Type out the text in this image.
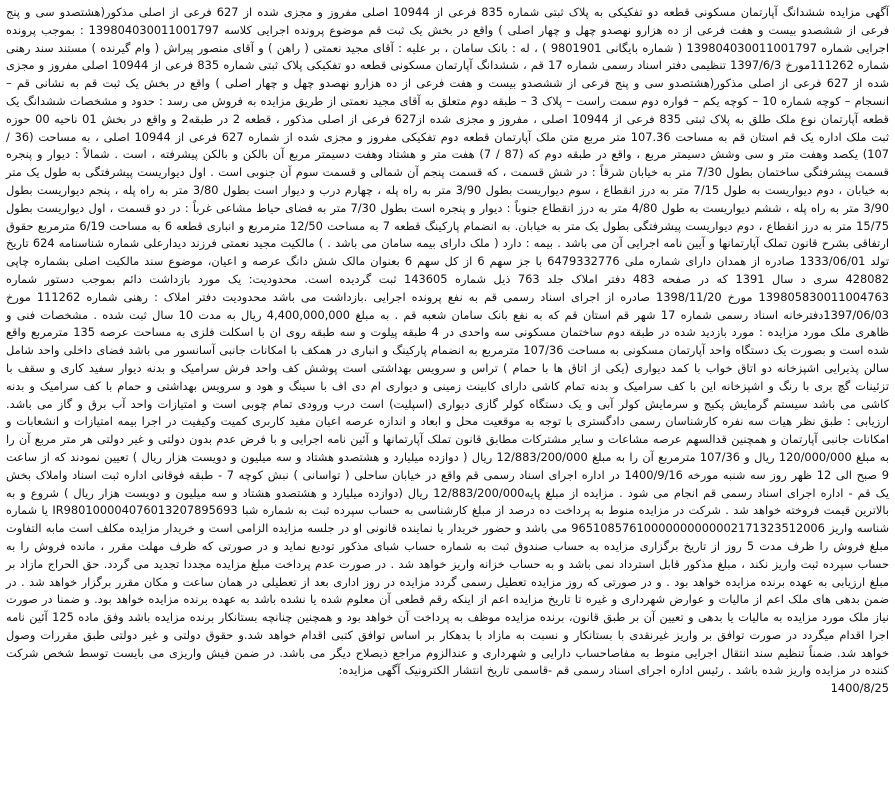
آگهی مزایده ششدانگ آپارتمان مسکونی قطعه دو تفکیکی به پلاک ثبتی شماره 835 فرعی از 10944 اصلی مفروز و مجزی شده از 627 فرعی از اصلی مذکور(هشتصدو سی و پنج فرعی از ششصدو بیست و هفت فرعی از ده هزارو نهصدو چهل و چهار اصلی ) واقع در بخش یک ثبت قم موضوع پرونده اجرایی کلاسه 139804030011001797 : بموجب پرونده اجرایی شماره 139804030011001797 ( شماره بایگانی 9801901 ) ، له : بانک سامان ، بر علیه : آقای مجید نعمتی ( راهن ) و آقای منصور پیراش ( وام گیرنده ) مستند سند رهنی شماره 111262مورخ 1397/6/3 تنظیمی دفتر اسناد رسمی شماره 17 قم ، ششدانگ آپارتمان مسکونی قطعه دو تفکیکی پلاک ثبتی شماره 835 فرعی از 10944 اصلی مفروز و مجزی شده از 627 فرعی از اصلی مذکور(هشتصدو سی و پنج فرعی از ششصدو بیست و هفت فرعی از ده هزارو نهصدو چهل و چهار اصلی ) واقع در بخش یک ثبت قم به نشانی قم – انسجام – کوچه شماره 10 – کوچه یکم – فواره دوم سمت راست – پلاک 3 – طبقه دوم متعلق به آقای مجید نعمتی از طریق مزایده به فروش می رسد : حدود و مشخصات ششدانگ یک قطعه آپارتمان نوع ملک طلق به پلاک ثبتی 835 فرعی از 10944 اصلی ، مفروز و مجزی شده از627 فرعی از اصلی مذکور ، قطعه 2 در طبقه2 و واقع در بخش 01 ناحیه 00 حوزه ثبت ملک اداره یک قم استان قم به مساحت 107.36 متر مربع متن ملک آپارتمان قطعه دوم تفکیکی مفروز و مجزی شده از شماره 627 فرعی از 10944 اصلی ، به مساحت (36 / 107) یکصد وهفت متر و سی وشش دسیمتر مربع ، واقع در طبقه دوم که (87 / 7) هفت متر و هشتاد وهفت دسیمتر مربع آن بالکن و بالکن پیشرفته ، است . شمالاً : دیوار و پنجره قسمت پیشرفتگی ساختمان بطول 7/30 متر به خیابان شرقاً : در شش قسمت ، که قسمت پنجم آن شمالی و قسمت سوم آن جنوبی است . اول دیواریست پیشرفتگی به طول یک متر به خیابان ، دوم دیواریست به طول 7/15 متر به درز انقطاع ، سوم دیواریست بطول 3/90 متر به راه پله ، چهارم درب و دیوار است بطول 3/80 متر به راه پله ، پنجم دیواریست بطول 3/90 متر به راه پله ، ششم دیواریست به طول 4/80 متر به درز انقطاع جنوباً : دیوار و پنجره است بطول 7/30 متر به فضای حیاط مشاعی غرباً : در دو قسمت ، اول دیواریست بطول 15/75 متر به درز انقطاع ، دوم دیواریست پیشرفتگی بطول یک متر به خیابان. به انضمام پارکینگ قطعه 7 به مساحت 12/50 مترمربع و انباری قطعه 6 به مساحت 6/19 مترمربع حقوق ارتفاقی بشرح قانون تملک آپارتمانها و آیین نامه اجرایی آن می باشد . بیمه : دارد ( ملک دارای بیمه سامان می باشد . ) مالکیت مجید نعمتی فرزند دیدارعلی شماره شناسنامه 624 تاریخ تولد 1333/06/01 صادره از همدان دارای شماره ملی 6479332776 با جز سهم 6 از کل سهم 6 بعنوان مالک شش دانگ عرصه و اعیان، موضوع سند مالکیت اصلی بشماره چاپی 428082 سری د سال 1391 که در صفحه 483 دفتر املاک جلد 763 ذیل شماره 143605 ثبت گردیده است. محدودیت: یک مورد بازداشت دائم بموجب دستور شماره 139805830011004763 مورخ 1398/11/20 صادره از اجرای اسناد رسمی قم به نفع پرونده اجرایی .بازداشت می باشد محدودیت دفتر املاک : رهنی شماره 111262 مورخ 1397/06/03دفترخانه اسناد رسمی شماره 17 شهر قم استان قم که به نفع بانک سامان شعبه قم . به مبلغ 4,400,000,000 ریال به مدت 10 سال ثبت شده . مشخصات فنی و ظاهری ملک مورد مزایده : مورد بازدید شده در طبقه دوم ساختمان مسکونی سه واحدی در 4 طبقه پیلوت و سه طبقه روی ان با اسکلت فلزی به مساحت عرصه 135 مترمربع واقع شده است و بصورت یک دستگاه واحد آپارتمان مسکونی به مساحت 107/36 مترمربع به انضمام پارکینگ و انباری در همکف با امکانات جانبی آسانسور می باشد فضای داخلی واحد شامل سالن پذیرایی اشپزخانه دو اتاق خواب با کمد دیواری (یکی از اتاق ها با حمام ) تراس و سرویس بهداشتی است پوشش کف واحد فرش سرامیک و بدنه دیوار سفید کاری و سقف با تزئینات گچ بری با رنگ و اشپزخانه این با کف سرامیک و بدنه تمام کاشی دارای کابینت زمینی و دیواری ام دی اف با سینگ و هود و سرویس بهداشتی و حمام با کف سرامیک و بدنه کاشی می باشد سیستم گرمایش پکیج و سرمایش کولر آبی و یک دستگاه کولر گازی دیواری (اسپلیت) است درب ورودی تمام چوبی است و امتیازات واحد آب برق و گاز می باشد. ارزیابی : طبق نظر هیات سه نفره کارشناسان رسمی دادگستری با توجه به موقعیت محل و ابعاد و اندازه عرصه اعیان مفید کاربری کمیت وکیفیت در اجرا بیمه امتیازات و انشعابات و امکانات جانبی آپارتمان و همچنین قدالسهم عرصه مشاعات و سایر مشترکات مطابق قانون تملک آپارتمانها و آئین نامه اجرایی و با فرض عدم بدون دولتی و غیر دولتی هر متر مربع آن را به مبلغ 120/000/000 ریال و 107/36 مترمربع آن را به مبلغ 12/883/200/000 ریال ( دوازده میلیارد و هشتصدو هشتاد و سه میلیون و دویست هزار ریال ) تعیین نمودند که از ساعت 9 صبح الی 12 ظهر روز سه شنبه مورخه 1400/9/16 در اداره اجرای اسناد رسمی قم واقع در خیابان ساحلی ( تواسانی ) نبش کوچه 7 - طبقه فوقانی اداره ثبت اسناد واملاک بخش یک قم - اداره اجرای اسناد رسمی قم انجام می شود . مزایده از مبلغ پایه12/883/200/000 ریال (دوازده میلیارد و هشتصدو هشتاد و سه میلیون و دویست هزار ریال ) شروع و به بالاترین قیمت فروخته خواهد شد . شرکت در مزایده منوط به پرداخت ده درصد از مبلغ کارشناسی به حساب سپرده ثبت به شماره شبا IR980100004076013207895693 یا شماره شناسه واریز 96510857610000000000002171323512006 می باشد و حضور خریدار یا نماینده قانونی او در جلسه مزایده الزامی است و خریدار مزایده مکلف است مابه التفاوت مبلغ فروش را ظرف مدت 5 روز از تاریخ برگزاری مزایده به حساب صندوق ثبت به شماره حساب شبای مذکور تودیع نماید و در صورتی که ظرف مهلت مقرر ، مانده فروش را به حساب سپرده ثبت واریز نکند ، مبلغ مذکور قابل استرداد نمی باشد و به حساب خزانه واریز خواهد شد . در صورت عدم پرداخت مبلغ مزایده مجددا تجدید می گردد. حق الحراج مازاد بر مبلغ ارزیابی به عهده برنده مزایده خواهد بود . و در صورتی که روز مزایده تعطیل رسمی گردد مزایده در روز اداری بعد از تعطیلی در همان ساعت و مکان مقرر برگزار خواهد شد . در ضمن بدهی های ملک اعم از مالیات و عوارض شهرداری و غیره تا تاریخ مزایده اعم از اینکه رقم قطعی آن معلوم شده یا نشده باشد به عهده برنده مزایده خواهد بود. و ضمنا در صورت نیاز ملک مورد مزایده به مالیات یا بدهی و تعیین آن بر طبق قانون، برنده مزایده موظف به پرداخت آن خواهد بود و همچنین چنانچه بستانکار برنده مزایده باشد وفق ماده 125 آئین نامه اجرا اقدام میگردد در صورت توافق بر واریز غیرنقدی با بستانکار و نسبت به مازاد با بدهکار بر اساس توافق کتبی اقدام خواهد شد.و حقوق دولتی و غیر دولتی طبق مقررات وصول خواهد شد. ضمناً تنظیم سند انتقال اجرایی منوط به مفاصاحساب دارایی و شهرداری و عندالزوم مراجع ذیصلاح دیگر می باشد. در ضمن فیش واریزی می بایست توسط شخص شرکت کننده در مزایده واریز شده باشد . رئیس اداره اجرای اسناد رسمی قم -قاسمی تاریخ انتشار الکترونیک آگهی مزایده:

1400/8/25
